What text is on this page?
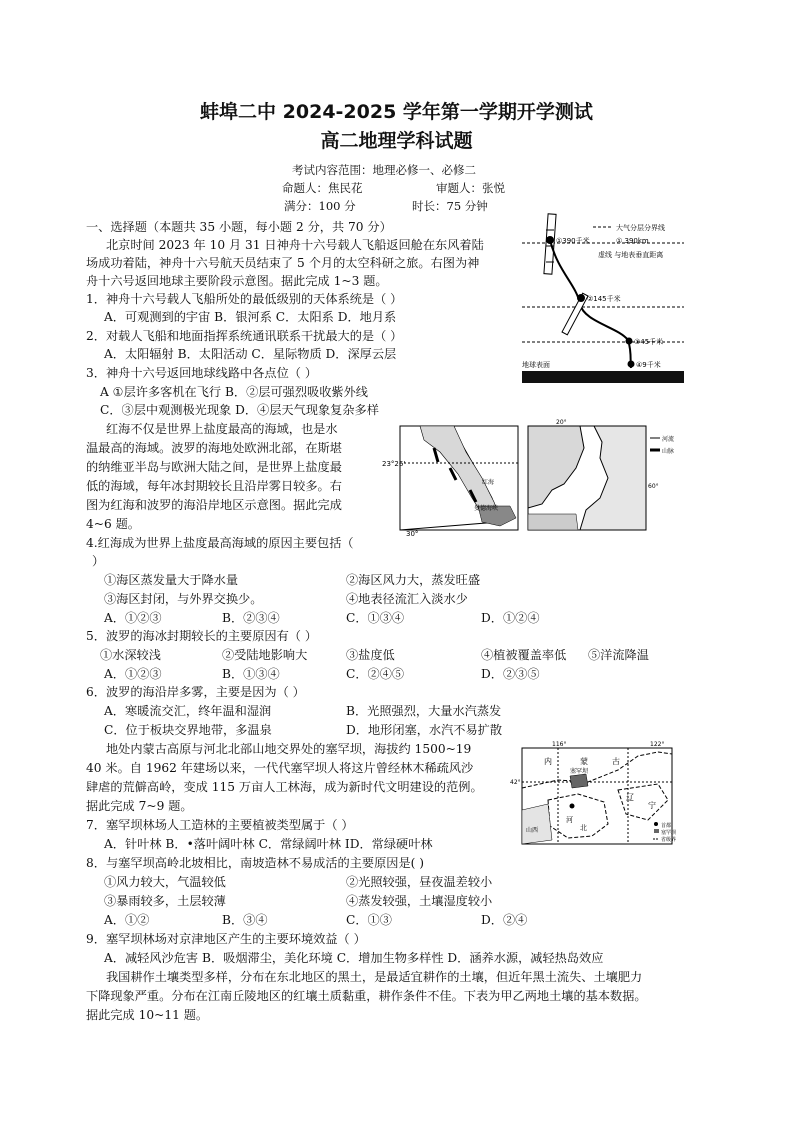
蚌埠二中 2024-2025 学年第一学期开学测试
高二地理学科试题
考试内容范围：地理必修一、必修二
命题人：焦民花	审题人：张悦
满分：100 分	时长：75 分钟
一、选择题（本题共 35 小题，每小题 2 分，共 70 分）
北京时间 2023 年 10 月 31 日神舟十六号载人飞船返回舱在东风着陆
场成功着陆，神舟十六号航天员结束了 5 个月的太空科研之旅。右图为神
舟十六号返回地球主要阶段示意图。据此完成 1~3 题。
1．神舟十六号载人飞船所处的最低级别的天体系统是（ ）
A．可观测到的宇宙 B．银河系 C．太阳系 D．地月系
2．对载人飞船和地面指挥系统通讯联系干扰最大的是（ ）
A．太阳辐射 B．太阳活动 C．星际物质 D．深厚云层
3．神舟十六号返回地球线路中各点位（ ）
A ①层许多客机在飞行 B．②层可强烈吸收紫外线
C．③层中观测极光现象 D．④层天气现象复杂多样
红海不仅是世界上盐度最高的海域，也是水
温最高的海域。波罗的海地处欧洲北部，在斯堪
的纳维亚半岛与欧洲大陆之间，是世界上盐度最
低的海域，每年冰封期较长且沿岸雾日较多。右
图为红海和波罗的海沿岸地区示意图。据此完成
4~6 题。
4.红海成为世界上盐度最高海域的原因主要包括（
）
①海区蒸发量大于降水量	②海区风力大，蒸发旺盛
③海区封闭，与外界交换少。	④地表径流汇入淡水少
A．①②③	B．②③④	C．①③④	D．①②④
5．波罗的海冰封期较长的主要原因有（ ）
①水深较浅	②受陆地影响大	③盐度低	④植被覆盖率低 ⑤洋流降温
A．①②③	B．①③④	C．②④⑤	D．②③⑤
6．波罗的海沿岸多雾，主要是因为（ ）
A．寒暖流交汇，终年温和湿润	B．光照强烈，大量水汽蒸发
C．位于板块交界地带，多温泉	D．地形闭塞，水汽不易扩散
地处内蒙古高原与河北北部山地交界处的塞罕坝，海拔约 1500~19
40 米。自 1962 年建场以来，一代代塞罕坝人将这片曾经林木稀疏风沙
肆虐的荒僻高岭，变成 115 万亩人工林海，成为新时代文明建设的范例。
据此完成 7~9 题。
7．塞罕坝林场人工造林的主要植被类型属于（ ）
A．针叶林 B．•落叶阔叶林 C．常绿阔叶林 ID．常绿硬叶林
8．与塞罕坝高岭北坡相比，南坡造林不易成活的主要原因是( )
①风力较大，气温较低	②光照较强，昼夜温差较小
③暴雨较多，土层较薄	④蒸发较强，土壤湿度较小
A．①②	B．③④	C．①③	D．②④
9．塞罕坝林场对京津地区产生的主要环境效益（ ）
A．减轻风沙危害 B．吸烟滞尘，美化环境 C．增加生物多样性 D．涵养水源，减轻热岛效应
我国耕作土壤类型多样，分布在东北地区的黑土，是最适宜耕作的土壤，但近年黑土流失、土壤肥力
下降现象严重。分布在江南丘陵地区的红壤土质黏重，耕作条件不佳。下表为甲乙两地土壤的基本数据。
据此完成 10~11 题。
大气分层分界线
① 390km
虚线 与地表垂直距离
①390千米
②145千米
③45千米
④9千米
地球表面
红海
曼德海峡
23°26'
30°
20°
60°
河流
山脉
116°	122°
42°
内	蒙	古
塞罕坝
辽
宁
河
北
山西
首都
塞罕坝
省级界
